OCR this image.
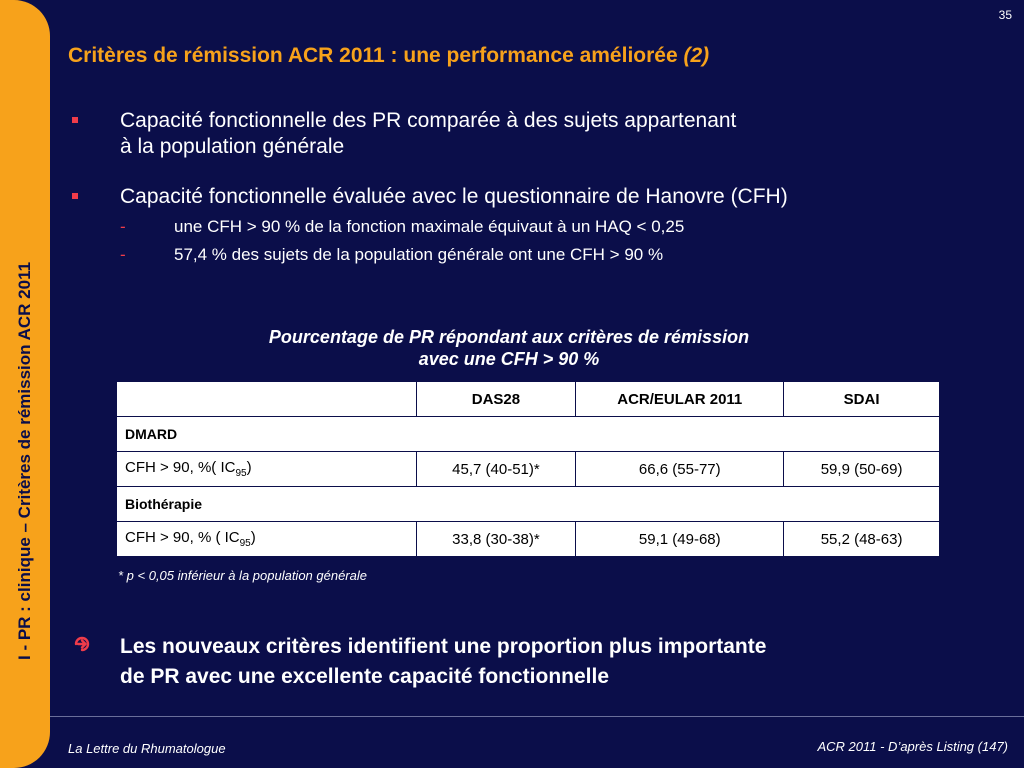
I - PR : clinique – Critères de rémission ACR 2011
35
Critères de rémission ACR 2011 : une performance améliorée (2)
Capacité fonctionnelle des PR comparée à des sujets appartenant
à la population générale
Capacité fonctionnelle évaluée avec le questionnaire de Hanovre (CFH)
-	une CFH > 90 % de la fonction maximale équivaut à un HAQ < 0,25
-	57,4 % des sujets de la population générale ont une CFH > 90 %
Pourcentage de PR répondant aux critères de rémission
avec une CFH > 90 %
	DAS28	ACR/EULAR 2011	SDAI
DMARD			
CFH > 90, %( $IC_{95}$)	45,7 (40-51)*	66,6 (55-77)	59,9 (50-69)
Biothérapie			
CFH > 90, % ( $IC_{95}$)	33,8 (30-38)*	59,1 (49-68)	55,2 (48-63)
* p < 0,05 inférieur à la population générale
Les nouveaux critères identifient une proportion plus importante
de PR avec une excellente capacité fonctionnelle
La Lettre du Rhumatologue	ACR 2011 - D’après Listing (147)
